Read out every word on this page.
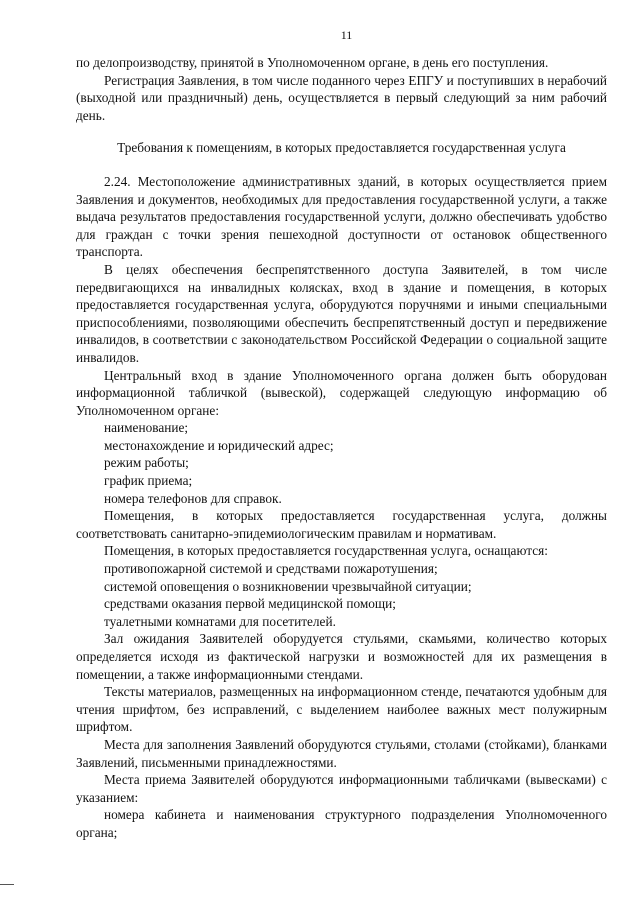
11

по делопроизводству, принятой в Уполномоченном органе, в день его поступления.

Регистрация Заявления, в том числе поданного через ЕПГУ и поступивших в нерабочий (выходной или праздничный) день, осуществляется в первый следующий за ним рабочий день.

Требования к помещениям, в которых предоставляется государственная услуга

2.24. Местоположение административных зданий, в которых осуществляется прием Заявления и документов, необходимых для предоставления государственной услуги, а также выдача результатов предоставления государственной услуги, должно обеспечивать удобство для граждан с точки зрения пешеходной доступности от остановок общественного транспорта.

В целях обеспечения беспрепятственного доступа Заявителей, в том числе передвигающихся на инвалидных колясках, вход в здание и помещения, в которых предоставляется государственная услуга, оборудуются поручнями и иными специальными приспособлениями, позволяющими обеспечить беспрепятственный доступ и передвижение инвалидов, в соответствии с законодательством Российской Федерации о социальной защите инвалидов.

Центральный вход в здание Уполномоченного органа должен быть оборудован информационной табличкой (вывеской), содержащей следующую информацию об Уполномоченном органе:

наименование;

местонахождение и юридический адрес;

режим работы;

график приема;

номера телефонов для справок.

Помещения, в которых предоставляется государственная услуга, должны соответствовать санитарно-эпидемиологическим правилам и нормативам.

Помещения, в которых предоставляется государственная услуга, оснащаются:

противопожарной системой и средствами пожаротушения;

системой оповещения о возникновении чрезвычайной ситуации;

средствами оказания первой медицинской помощи;

туалетными комнатами для посетителей.

Зал ожидания Заявителей оборудуется стульями, скамьями, количество которых определяется исходя из фактической нагрузки и возможностей для их размещения в помещении, а также информационными стендами.

Тексты материалов, размещенных на информационном стенде, печатаются удобным для чтения шрифтом, без исправлений, с выделением наиболее важных мест полужирным шрифтом.

Места для заполнения Заявлений оборудуются стульями, столами (стойками), бланками Заявлений, письменными принадлежностями.

Места приема Заявителей оборудуются информационными табличками (вывесками) с указанием:

номера кабинета и наименования структурного подразделения Уполномоченного органа;
